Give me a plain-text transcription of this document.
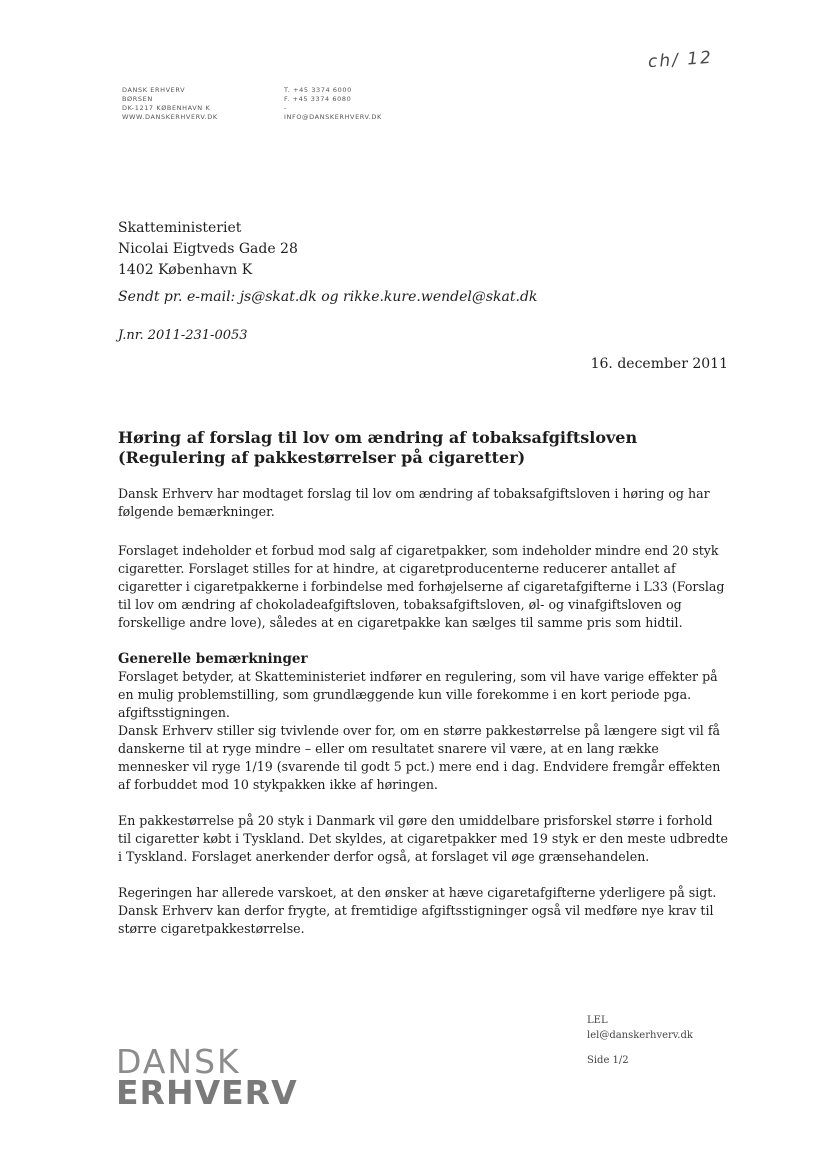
ch/ 12
DANSK ERHVERV
BØRSEN
DK-1217 KØBENHAVN K
WWW.DANSKERHVERV.DK
T. +45 3374 6000
F. +45 3374 6080
-
INFO@DANSKERHVERV.DK
Skatteministeriet
Nicolai Eigtveds Gade 28
1402 København K
Sendt pr. e-mail: js@skat.dk og rikke.kure.wendel@skat.dk
J.nr. 2011-231-0053
16. december 2011
Høring af forslag til lov om ændring af tobaksafgiftsloven (Regulering af pakkestørrelser på cigaretter)

Dansk Erhverv har modtaget forslag til lov om ændring af tobaksafgiftsloven i høring og har følgende bemærkninger.

Forslaget indeholder et forbud mod salg af cigaretpakker, som indeholder mindre end 20 styk cigaretter. Forslaget stilles for at hindre, at cigaretproducenterne reducerer antallet af cigaretter i cigaretpakkerne i forbindelse med forhøjelserne af cigaretafgifterne i L33 (Forslag til lov om ændring af chokoladeafgiftsloven, tobaksafgiftsloven, øl- og vinafgiftsloven og forskellige andre love), således at en cigaretpakke kan sælges til samme pris som hidtil.

Generelle bemærkninger

Forslaget betyder, at Skatteministeriet indfører en regulering, som vil have varige effekter på en mulig problemstilling, som grundlæggende kun ville forekomme i en kort periode pga. afgiftsstigningen.

Dansk Erhverv stiller sig tvivlende over for, om en større pakkestørrelse på længere sigt vil få danskerne til at ryge mindre – eller om resultatet snarere vil være, at en lang række mennesker vil ryge 1/19 (svarende til godt 5 pct.) mere end i dag. Endvidere fremgår effekten af forbuddet mod 10 stykpakken ikke af høringen.

En pakkestørrelse på 20 styk i Danmark vil gøre den umiddelbare prisforskel større i forhold til cigaretter købt i Tyskland. Det skyldes, at cigaretpakker med 19 styk er den meste udbredte i Tyskland. Forslaget anerkender derfor også, at forslaget vil øge grænsehandelen.

Regeringen har allerede varskoet, at den ønsker at hæve cigaretafgifterne yderligere på sigt. Dansk Erhverv kan derfor frygte, at fremtidige afgiftsstigninger også vil medføre nye krav til større cigaretpakkestørrelse.

LEL
lel@danskerhverv.dk
Side 1/2
DANSK
ERHVERV
